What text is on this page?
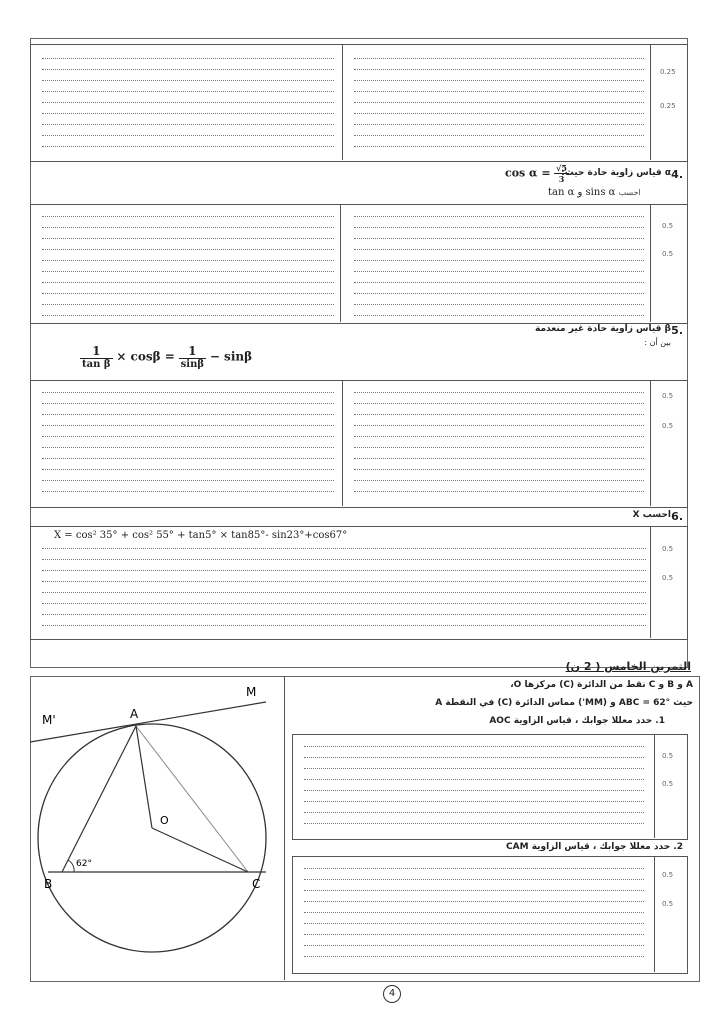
0.25
0.25
.4
α قياس زاوية حادة حيث:
$\cos \alpha = \frac{√5}{3}$
tan α و sins α احسب
0.5
0.5
.5
β قياس زاوية حادة غير منعدمة
بين أن :
$\frac{1}{\text{tan β}} \times \cos\beta = \frac{1}{\sin\beta} - \sin\beta$
0.5
0.5
.6
احسب X
X = cos² 35° + cos² 55° + tan5° × tan85°- sin23°+cos67°
0.5
0.5
التمرين الخامس ( 2 ن)
A و B و C نقط من الدائرة (C) مركزها O،
حيث ABC = 62° و (MM') مماس الدائرة (C) في النقطة A
1. حدد معللا جوابك ، قياس الزاوية AOC
0.5
0.5
2. حدد معللا جوابك ، قياس الزاوية CAM
0.5
0.5
A
B	C
O
M
M'
62°
4
